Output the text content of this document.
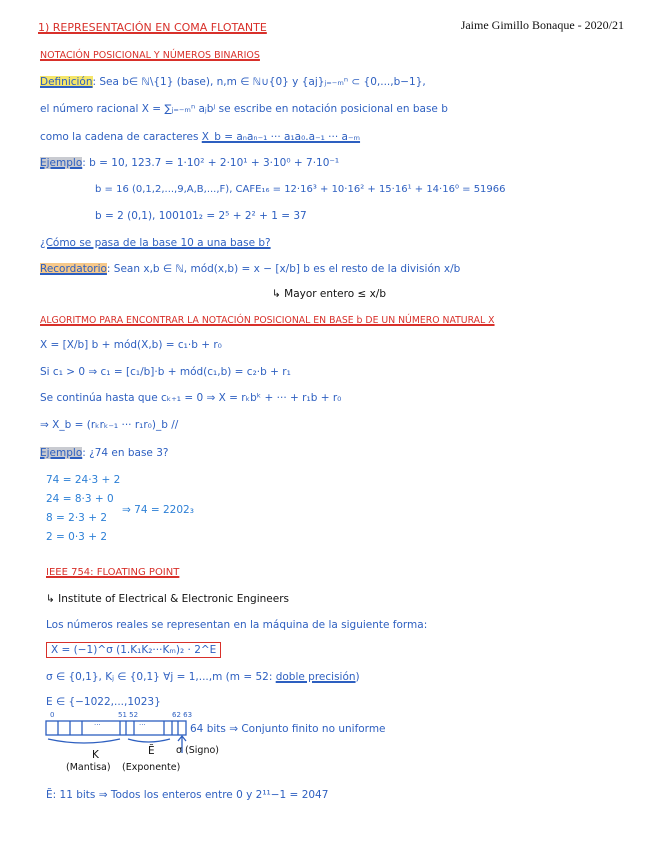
Jaime Gimillo Bonaque - 2020/21
1) REPRESENTACIÓN EN COMA FLOTANTE
NOTACIÓN POSICIONAL Y NÚMEROS BINARIOS
Definición: Sea b∈ ℕ\{1} (base), n,m ∈ ℕ∪{0} y {aj}ⱼ₌₋ₘⁿ ⊂ {0,...,b−1},
el número racional X = ∑ⱼ₌₋ₘⁿ aⱼbʲ se escribe en notación posicional en base b
como la cadena de caracteres X_b = aₙaₙ₋₁ ··· a₁a₀.a₋₁ ··· a₋ₘ
Ejemplo: b = 10, 123.7 = 1·10² + 2·10¹ + 3·10⁰ + 7·10⁻¹
b = 16 (0,1,2,...,9,A,B,...,F), CAFE₁₆ = 12·16³ + 10·16² + 15·16¹ + 14·16⁰ = 51966
b = 2 (0,1), 100101₂ = 2⁵ + 2² + 1 = 37
¿Cómo se pasa de la base 10 a una base b?
Recordatorio: Sean x,b ∈ ℕ, mód(x,b) = x − [x/b] b es el resto de la división x/b
↳ Mayor entero ≤ x/b
ALGORITMO PARA ENCONTRAR LA NOTACIÓN POSICIONAL EN BASE b DE UN NÚMERO NATURAL X
X = [X/b] b + mód(X,b) = c₁·b + r₀
Si c₁ > 0 ⇒ c₁ = [c₁/b]·b + mód(c₁,b) = c₂·b + r₁
Se continúa hasta que cₖ₊₁ = 0 ⇒ X = rₖbᵏ + ··· + r₁b + r₀
⇒ X_b = (rₖrₖ₋₁ ··· r₁r₀)_b //
Ejemplo: ¿74 en base 3?
74 = 24·3 + 2
24 = 8·3 + 0
8 = 2·3 + 2
2 = 0·3 + 2
⇒ 74 = 2202₃
IEEE 754: FLOATING POINT
↳ Institute of Electrical & Electronic Engineers
Los números reales se representan en la máquina de la siguiente forma:
X = (−1)^σ (1.K₁K₂···Kₘ)₂ · 2^E
σ ∈ {0,1}, Kⱼ ∈ {0,1} ∀j = 1,...,m (m = 52: doble precisión)
E ∈ {−1022,...,1023}
0	51 52	62 63
···	···	64 bits ⇒ Conjunto finito no uniforme
K	Ẽ σ (Signo)
(Mantisa) (Exponente)
Ẽ: 11 bits ⇒ Todos los enteros entre 0 y 2¹¹−1 = 2047
